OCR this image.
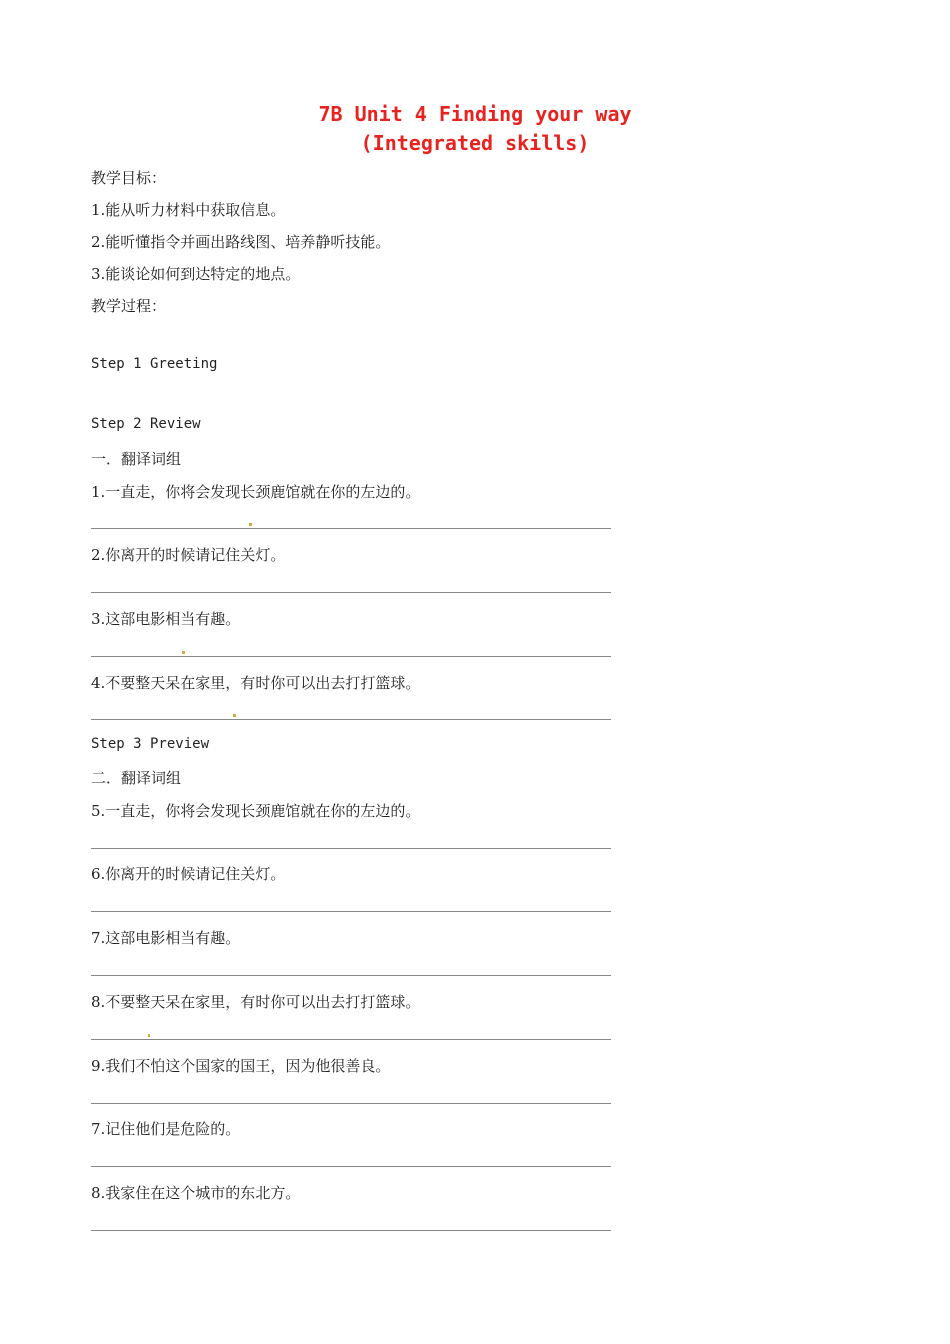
7B Unit 4 Finding your way
(Integrated skills)

教学目标：

1.能从听力材料中获取信息。

2.能听懂指令并画出路线图、培养静听技能。

3.能谈论如何到达特定的地点。

教学过程：

Step 1 Greeting

Step 2 Review

一．翻译词组

1.一直走，你将会发现长颈鹿馆就在你的左边的。

2.你离开的时候请记住关灯。

3.这部电影相当有趣。

4.不要整天呆在家里，有时你可以出去打打篮球。

Step 3 Preview

二．翻译词组

5.一直走，你将会发现长颈鹿馆就在你的左边的。

6.你离开的时候请记住关灯。

7.这部电影相当有趣。

8.不要整天呆在家里，有时你可以出去打打篮球。

9.我们不怕这个国家的国王，因为他很善良。

7.记住他们是危险的。

8.我家住在这个城市的东北方。
